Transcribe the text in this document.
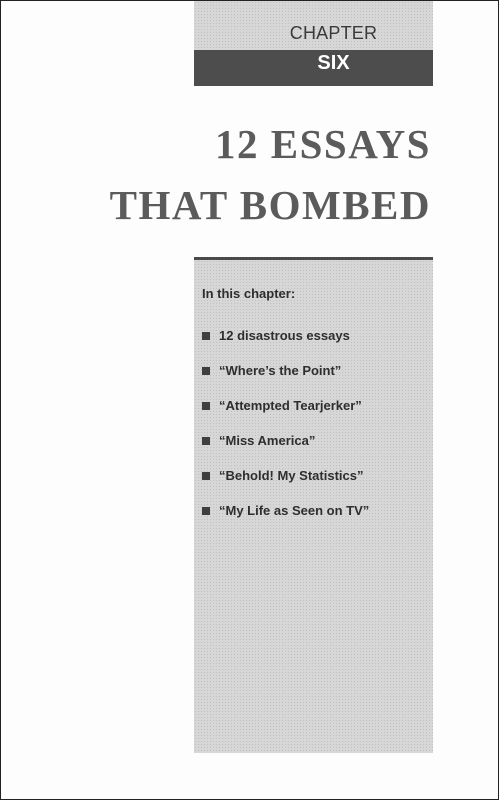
CHAPTER
SIX
12 ESSAYS
THAT BOMBED
In this chapter:
12 disastrous essays
“Where’s the Point”
“Attempted Tearjerker”
“Miss America”
“Behold! My Statistics”
“My Life as Seen on TV”
